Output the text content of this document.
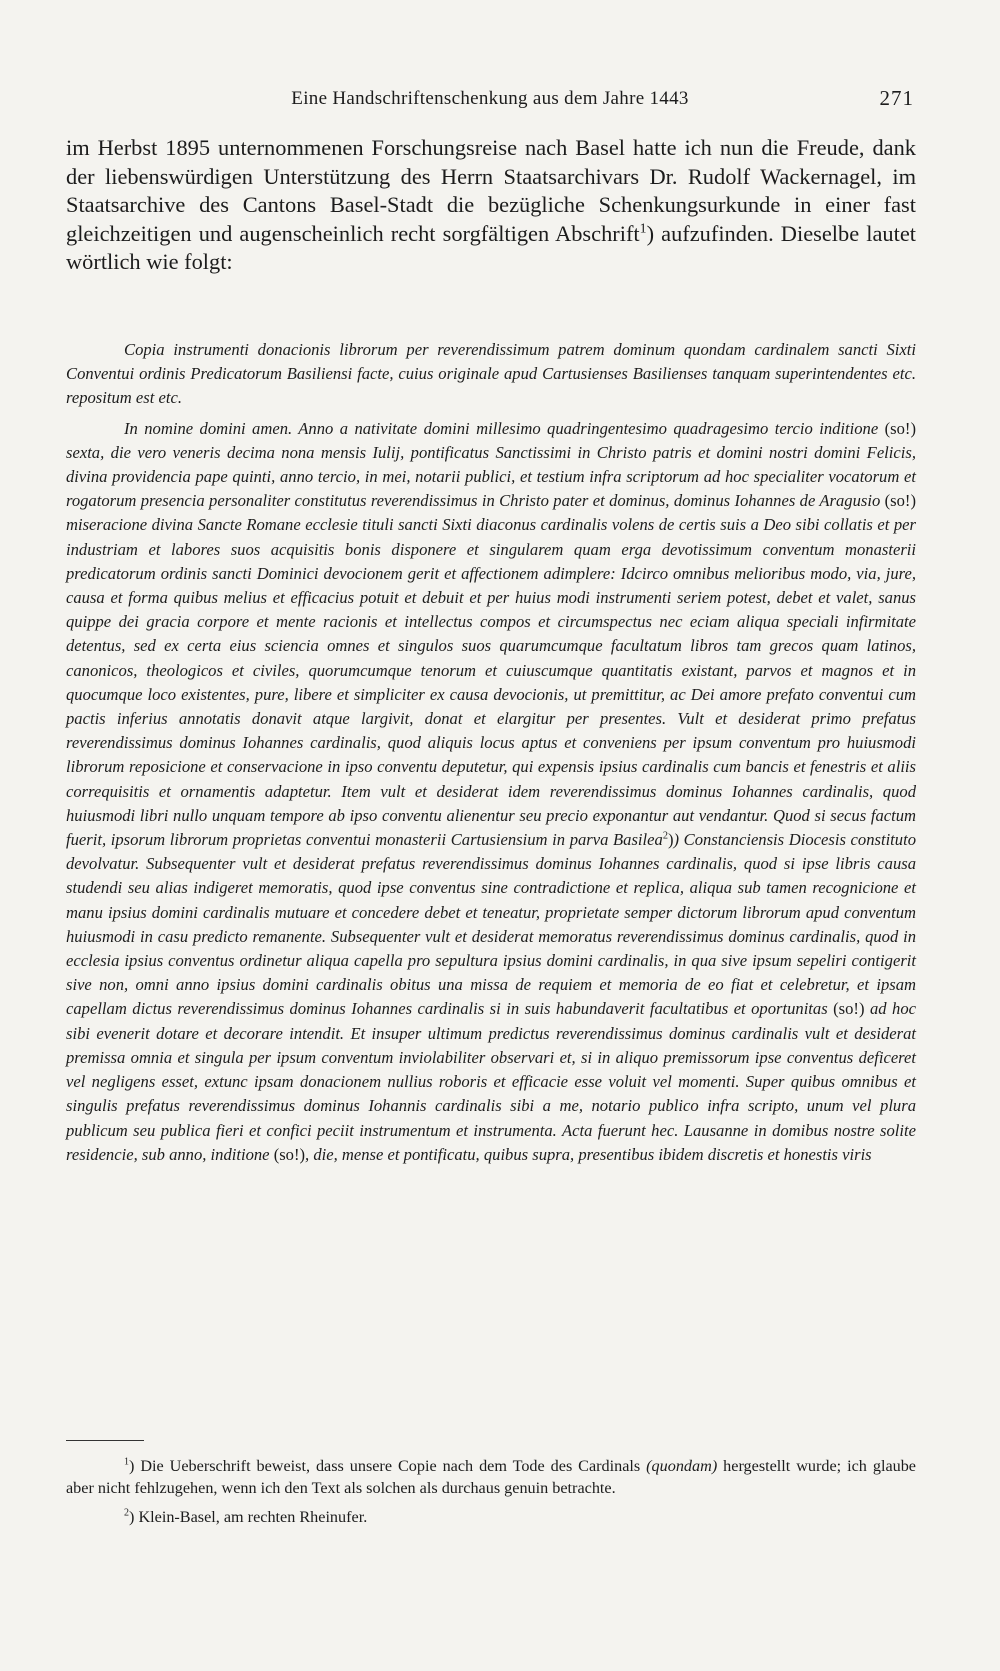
Eine Handschriftenschenkung aus dem Jahre 1443	271

im Herbst 1895 unternommenen Forschungsreise nach Basel hatte ich nun die Freude, dank der liebenswürdigen Unterstützung des Herrn Staatsarchivars Dr. Rudolf Wackernagel, im Staatsarchive des Cantons Basel-Stadt die bezügliche Schenkungsurkunde in einer fast gleichzeitigen und augenscheinlich recht sorgfältigen Abschrift$^1$) aufzufinden. Dieselbe lautet wörtlich wie folgt:

Copia instrumenti donacionis librorum per reverendissimum patrem dominum quondam cardinalem sancti Sixti Conventui ordinis Predicatorum Basiliensi facte, cuius originale apud Cartusienses Basilienses tanquam superintendentes etc. repositum est etc.

In nomine domini amen. Anno a nativitate domini millesimo quadringentesimo quadragesimo tercio inditione (so!) sexta, die vero veneris decima nona mensis Iulij, pontificatus Sanctissimi in Christo patris et domini nostri domini Felicis, divina providencia pape quinti, anno tercio, in mei, notarii publici, et testium infra scriptorum ad hoc specialiter vocatorum et rogatorum presencia personaliter constitutus reverendissimus in Christo pater et dominus, dominus Iohannes de Aragusio (so!) miseracione divina Sancte Romane ecclesie tituli sancti Sixti diaconus cardinalis volens de certis suis a Deo sibi collatis et per industriam et labores suos acquisitis bonis disponere et singularem quam erga devotissimum conventum monasterii predicatorum ordinis sancti Dominici devocionem gerit et affectionem adimplere: Idcirco omnibus melioribus modo, via, jure, causa et forma quibus melius et efficacius potuit et debuit et per huius modi instrumenti seriem potest, debet et valet, sanus quippe dei gracia corpore et mente racionis et intellectus compos et circumspectus nec eciam aliqua speciali infirmitate detentus, sed ex certa eius sciencia omnes et singulos suos quarumcumque facultatum libros tam grecos quam latinos, canonicos, theologicos et civiles, quorumcumque tenorum et cuiuscumque quantitatis existant, parvos et magnos et in quocumque loco existentes, pure, libere et simpliciter ex causa devocionis, ut premittitur, ac Dei amore prefato conventui cum pactis inferius annotatis donavit atque largivit, donat et elargitur per presentes. Vult et desiderat primo prefatus reverendissimus dominus Iohannes cardinalis, quod aliquis locus aptus et conveniens per ipsum conventum pro huiusmodi librorum reposicione et conservacione in ipso conventu deputetur, qui expensis ipsius cardinalis cum bancis et fenestris et aliis correquisitis et ornamentis adaptetur. Item vult et desiderat idem reverendissimus dominus Iohannes cardinalis, quod huiusmodi libri nullo unquam tempore ab ipso conventu alienentur seu precio exponantur aut vendantur. Quod si secus factum fuerit, ipsorum librorum proprietas conventui monasterii Cartusiensium in parva Basilea$^2$)) Constanciensis Diocesis constituto devolvatur. Subsequenter vult et desiderat prefatus reverendissimus dominus Iohannes cardinalis, quod si ipse libris causa studendi seu alias indigeret memoratis, quod ipse conventus sine contradictione et replica, aliqua sub tamen recognicione et manu ipsius domini cardinalis mutuare et concedere debet et teneatur, proprietate semper dictorum librorum apud conventum huiusmodi in casu predicto remanente. Subsequenter vult et desiderat memoratus reverendissimus dominus cardinalis, quod in ecclesia ipsius conventus ordinetur aliqua capella pro sepultura ipsius domini cardinalis, in qua sive ipsum sepeliri contigerit sive non, omni anno ipsius domini cardinalis obitus una missa de requiem et memoria de eo fiat et celebretur, et ipsam capellam dictus reverendissimus dominus Iohannes cardinalis si in suis habundaverit facultatibus et oportunitas (so!) ad hoc sibi evenerit dotare et decorare intendit. Et insuper ultimum predictus reverendissimus dominus cardinalis vult et desiderat premissa omnia et singula per ipsum conventum inviolabiliter observari et, si in aliquo premissorum ipse conventus deficeret vel negligens esset, extunc ipsam donacionem nullius roboris et efficacie esse voluit vel momenti. Super quibus omnibus et singulis prefatus reverendissimus dominus Iohannis cardinalis sibi a me, notario publico infra scripto, unum vel plura publicum seu publica fieri et confici peciit instrumentum et instrumenta. Acta fuerunt hec. Lausanne in domibus nostre solite residencie, sub anno, inditione (so!), die, mense et pontificatu, quibus supra, presentibus ibidem discretis et honestis viris

$^1$) Die Ueberschrift beweist, dass unsere Copie nach dem Tode des Cardinals (quondam) hergestellt wurde; ich glaube aber nicht fehlzugehen, wenn ich den Text als solchen als durchaus genuin betrachte.

$^2$) Klein-Basel, am rechten Rheinufer.
